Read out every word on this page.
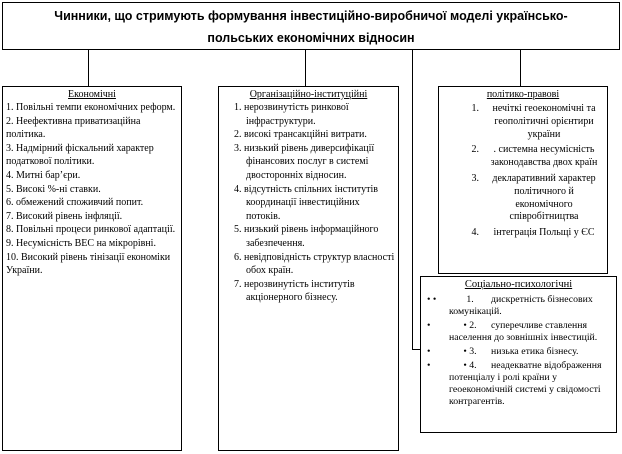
Чинники, що стримують формування інвестиційно-виробничої моделі українсько-
польських економічних відносин

Економічні

1. Повільні темпи економічних реформ.
2. Неефективна приватизаційна політика.
3. Надмірний фіскальний характер податкової політики.
4. Митні барʼєри.
5. Високі %-ні ставки.
6. обмежений споживчий попит.
7. Високий рівень інфляції.
8. Повільні процеси ринкової адаптації.
9. Несумісність ВЕС на мікрорівні.
10. Високий рівень тінізації економіки України.

Організаційно-інституційні

1. нерозвинутість ринкової інфраструктури.
2. високі трансакційні витрати.
3. низький рівень диверсифікації фінансових послуг в системі двосторонніх відносин.
4. відсутність спільних інститутів координації інвестиційних потоків.
5. низький рівень інформаційного забезпечення.
6. невідповідність структур власності обох країн.
7. нерозвинутість інститутів акціонерного бізнесу.

політико-правові

1.	нечіткі геоекономічні та геополітичні орієнтири україни
2.	. системна несумісність законодавства двох країн
3.	декларативний характер політичного й економічного співробітництва
4.	інтеграція Польщі у ЄС
Соціально-психологічні
• •	1. дискретність бізнесових комунікацій.
•	• 2. суперечливе ставлення населення до зовнішніх інвестицій.
•	• 3. низька етика бізнесу.
•	• 4. неадекватне відображення потенціалу і ролі країни у геоекономічній системі у свідомості контрагентів.
